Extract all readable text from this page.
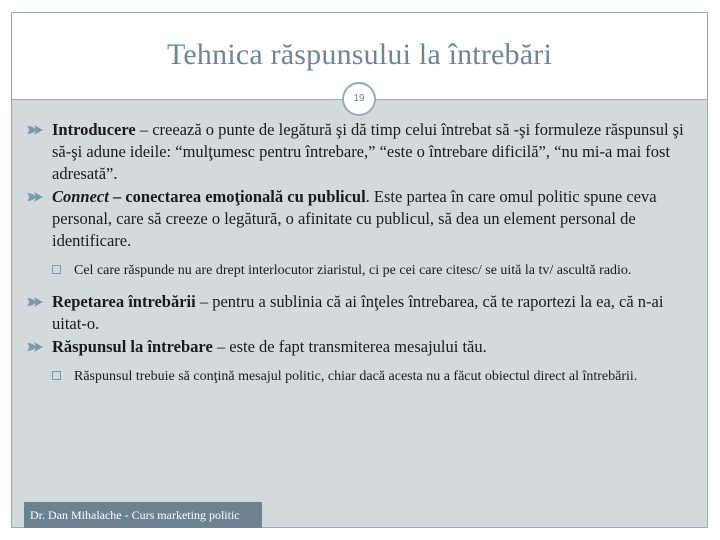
Tehnica răspunsului la întrebări
19

Introducere – creează o punte de legătură şi dă timp celui întrebat să -şi formuleze răspunsul şi să-şi adune ideile: “mulţumesc pentru întrebare,” “este o întrebare dificilă”, “nu mi-a mai fost adresată”.

Connect – conectarea emoţională cu publicul. Este partea în care omul politic spune ceva personal, care să creeze o legătură, o afinitate cu publicul, să dea un element personal de identificare.

Cel care răspunde nu are drept interlocutor ziaristul, ci pe cei care citesc/ se uită la tv/ ascultă radio.

Repetarea întrebării – pentru a sublinia că ai înţeles întrebarea, că te raportezi la ea, că n-ai uitat-o.

Răspunsul la întrebare – este de fapt transmiterea mesajului tău.

Răspunsul trebuie să conţină mesajul politic, chiar dacă acesta nu a făcut obiectul direct al întrebării.

Dr. Dan Mihalache - Curs marketing politic
